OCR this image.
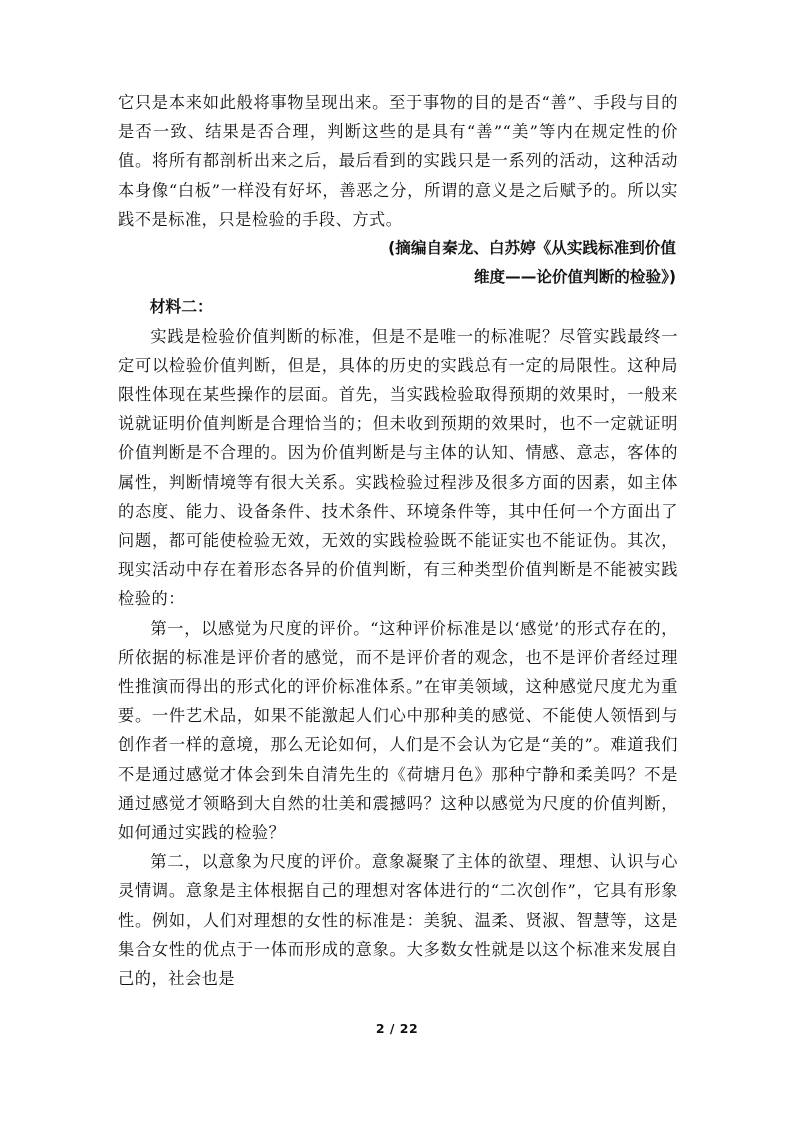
它只是本来如此般将事物呈现出来。至于事物的目的是否“善”、手段与目的是否一致、结果是否合理，判断这些的是具有“善”“美”等内在规定性的价值。将所有都剖析出来之后，最后看到的实践只是一系列的活动，这种活动本身像“白板”一样没有好坏，善恶之分，所谓的意义是之后赋予的。所以实践不是标准，只是检验的手段、方式。

(摘编自秦龙、白苏婷《从实践标准到价值
维度——论价值判断的检验》)

材料二：

实践是检验价值判断的标准，但是不是唯一的标准呢？尽管实践最终一定可以检验价值判断，但是，具体的历史的实践总有一定的局限性。这种局限性体现在某些操作的层面。首先，当实践检验取得预期的效果时，一般来说就证明价值判断是合理恰当的；但未收到预期的效果时，也不一定就证明价值判断是不合理的。因为价值判断是与主体的认知、情感、意志，客体的属性，判断情境等有很大关系。实践检验过程涉及很多方面的因素，如主体的态度、能力、设备条件、技术条件、环境条件等，其中任何一个方面出了问题，都可能使检验无效，无效的实践检验既不能证实也不能证伪。其次，现实活动中存在着形态各异的价值判断，有三种类型价值判断是不能被实践检验的：

第一，以感觉为尺度的评价。“这种评价标准是以‘感觉’的形式存在的，所依据的标准是评价者的感觉，而不是评价者的观念，也不是评价者经过理性推演而得出的形式化的评价标准体系。”在审美领域，这种感觉尺度尤为重要。一件艺术品，如果不能激起人们心中那种美的感觉、不能使人领悟到与创作者一样的意境，那么无论如何，人们是不会认为它是“美的”。难道我们不是通过感觉才体会到朱自清先生的《荷塘月色》那种宁静和柔美吗？不是通过感觉才领略到大自然的壮美和震撼吗？这种以感觉为尺度的价值判断，如何通过实践的检验？

第二，以意象为尺度的评价。意象凝聚了主体的欲望、理想、认识与心灵情调。意象是主体根据自己的理想对客体进行的“二次创作”，它具有形象性。例如，人们对理想的女性的标准是：美貌、温柔、贤淑、智慧等，这是集合女性的优点于一体而形成的意象。大多数女性就是以这个标准来发展自己的，社会也是

2 / 22
